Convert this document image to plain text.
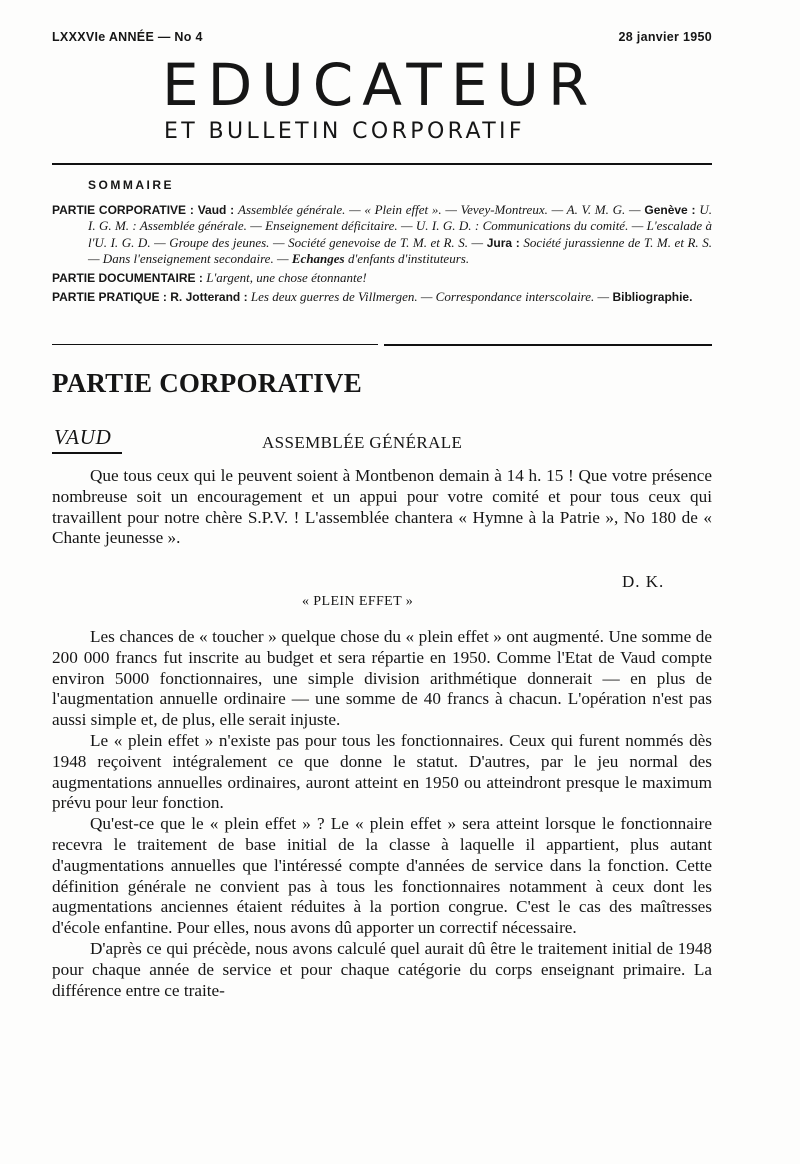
LXXXVIe ANNÉE — No 4	28 janvier 1950
EDUCATEUR
ET BULLETIN CORPORATIF
SOMMAIRE
PARTIE CORPORATIVE : Vaud : Assemblée générale. — « Plein effet ». — Vevey-Montreux. — A. V. M. G. — Genève : U. I. G. M. : Assemblée générale. — Enseignement déficitaire. — U. I. G. D. : Communications du comité. — L'escalade à l'U. I. G. D. — Groupe des jeunes. — Société genevoise de T. M. et R. S. — Jura : Société jurassienne de T. M. et R. S. — Dans l'enseignement secondaire. — Echanges d'enfants d'instituteurs.
PARTIE DOCUMENTAIRE : L'argent, une chose étonnante!
PARTIE PRATIQUE : R. Jotterand : Les deux guerres de Villmergen. — Correspondance interscolaire. — Bibliographie.
PARTIE CORPORATIVE
VAUD	ASSEMBLÉE GÉNÉRALE

Que tous ceux qui le peuvent soient à Montbenon demain à 14 h. 15 ! Que votre présence nombreuse soit un encouragement et un appui pour votre comité et pour tous ceux qui travaillent pour notre chère S.P.V. ! L'assemblée chantera « Hymne à la Patrie », No 180 de « Chante jeunesse ».

D. K.
« PLEIN EFFET »

Les chances de « toucher » quelque chose du « plein effet » ont augmenté. Une somme de 200 000 francs fut inscrite au budget et sera répartie en 1950. Comme l'Etat de Vaud compte environ 5000 fonctionnaires, une simple division arithmétique donnerait — en plus de l'augmentation annuelle ordinaire — une somme de 40 francs à chacun. L'opération n'est pas aussi simple et, de plus, elle serait injuste.

Le « plein effet » n'existe pas pour tous les fonctionnaires. Ceux qui furent nommés dès 1948 reçoivent intégralement ce que donne le statut. D'autres, par le jeu normal des augmentations annuelles ordinaires, auront atteint en 1950 ou atteindront presque le maximum prévu pour leur fonction.

Qu'est-ce que le « plein effet » ? Le « plein effet » sera atteint lorsque le fonctionnaire recevra le traitement de base initial de la classe à laquelle il appartient, plus autant d'augmentations annuelles que l'intéressé compte d'années de service dans la fonction. Cette définition générale ne convient pas à tous les fonctionnaires notamment à ceux dont les augmentations anciennes étaient réduites à la portion congrue. C'est le cas des maîtresses d'école enfantine. Pour elles, nous avons dû apporter un correctif nécessaire.

D'après ce qui précède, nous avons calculé quel aurait dû être le traitement initial de 1948 pour chaque année de service et pour chaque catégorie du corps enseignant primaire. La différence entre ce traite-
